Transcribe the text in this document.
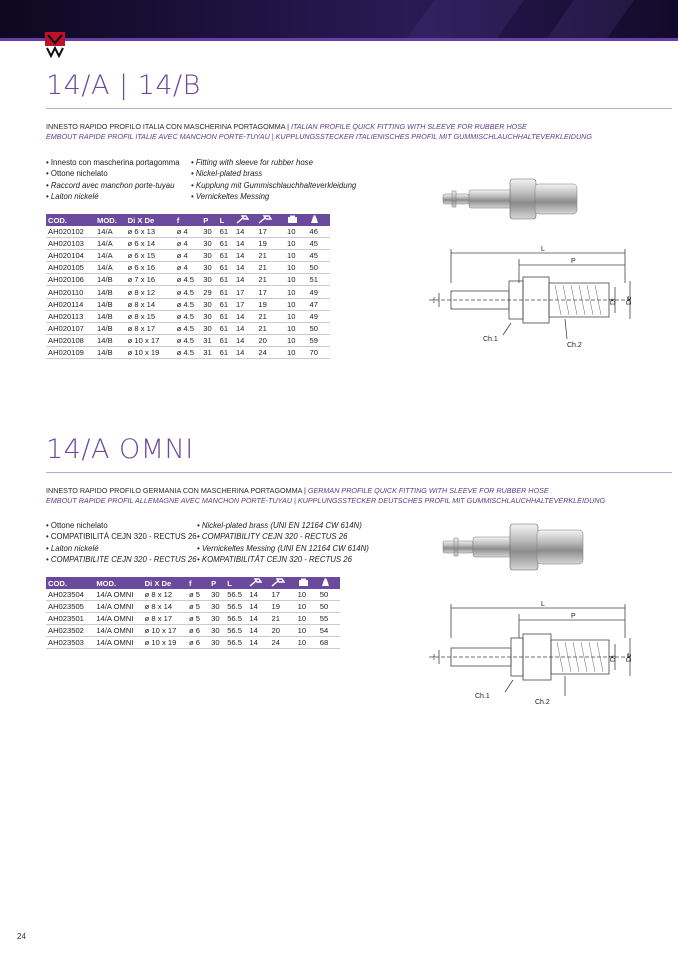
14/A | 14/B
INNESTO RAPIDO PROFILO ITALIA CON MASCHERINA PORTAGOMMA | ITALIAN PROFILE QUICK FITTING WITH SLEEVE FOR RUBBER HOSE
EMBOUT RAPIDE PROFIL ITALIE AVEC MANCHON PORTE-TUYAU | KUPPLUNGSSTECKER ITALIENISCHES PROFIL MIT GUMMISCHLAUCHHALTEVERKLEIDUNG
• Innesto con mascherina portagomma
• Ottone nichelato
• Raccord avec manchon porte-tuyau
• Laiton nickelé
• Fitting with sleeve for rubber hose
• Nickel-plated brass
• Kupplung mit Gummischlauchhalteverkleidung
• Vernickeltes Messing
COD.	MOD.	Di X De	f	P	L				
AH020102	14/A	ø 6 x 13	ø 4	30	61	14	17	10	46
AH020103	14/A	ø 6 x 14	ø 4	30	61	14	19	10	45
AH020104	14/A	ø 6 x 15	ø 4	30	61	14	21	10	45
AH020105	14/A	ø 6 x 16	ø 4	30	61	14	21	10	50
AH020106	14/B	ø 7 x 16	ø 4.5	30	61	14	21	10	51
AH020110	14/B	ø 8 x 12	ø 4.5	29	61	17	17	10	49
AH020114	14/B	ø 8 x 14	ø 4.5	30	61	17	19	10	47
AH020113	14/B	ø 8 x 15	ø 4.5	30	61	14	21	10	49
AH020107	14/B	ø 8 x 17	ø 4.5	30	61	14	21	10	50
AH020108	14/B	ø 10 x 17	ø 4.5	31	61	14	20	10	59
AH020109	14/B	ø 10 x 19	ø 4.5	31	61	14	24	10	70
L
P
f	Di De
Ch.1
Ch.2
14/A OMNI
INNESTO RAPIDO PROFILO GERMANIA CON MASCHERINA PORTAGOMMA | GERMAN PROFILE QUICK FITTING WITH SLEEVE FOR RUBBER HOSE
EMBOUT RAPIDE PROFIL ALLEMAGNE AVEC MANCHON PORTE-TUYAU | KUPPLUNGSSTECKER DEUTSCHES PROFIL MIT GUMMISCHLAUCHHALTEVERKLEIDUNG
• Ottone nichelato
• COMPATIBILITÀ CEJN 320 - RECTUS 26
• Laiton nickelé
• COMPATIBILITE CEJN 320 - RECTUS 26
• Nickel-plated brass (UNI EN 12164 CW 614N)
• COMPATIBILITY CEJN 320 - RECTUS 26
• Vernickeltes Messing (UNI EN 12164 CW 614N)
• KOMPATIBILITÄT CEJN 320 - RECTUS 26
COD.	MOD.	Di X De	f	P	L				
AH023504	14/A OMNI	ø 8 x 12	ø 5	30	56.5	14	17	10	50
AH023505	14/A OMNI	ø 8 x 14	ø 5	30	56.5	14	19	10	50
AH023501	14/A OMNI	ø 8 x 17	ø 5	30	56.5	14	21	10	55
AH023502	14/A OMNI	ø 10 x 17	ø 6	30	56.5	14	20	10	54
AH023503	14/A OMNI	ø 10 x 19	ø 6	30	56.5	14	24	10	68
L
P
f	Di De
Ch.1
Ch.2
24
